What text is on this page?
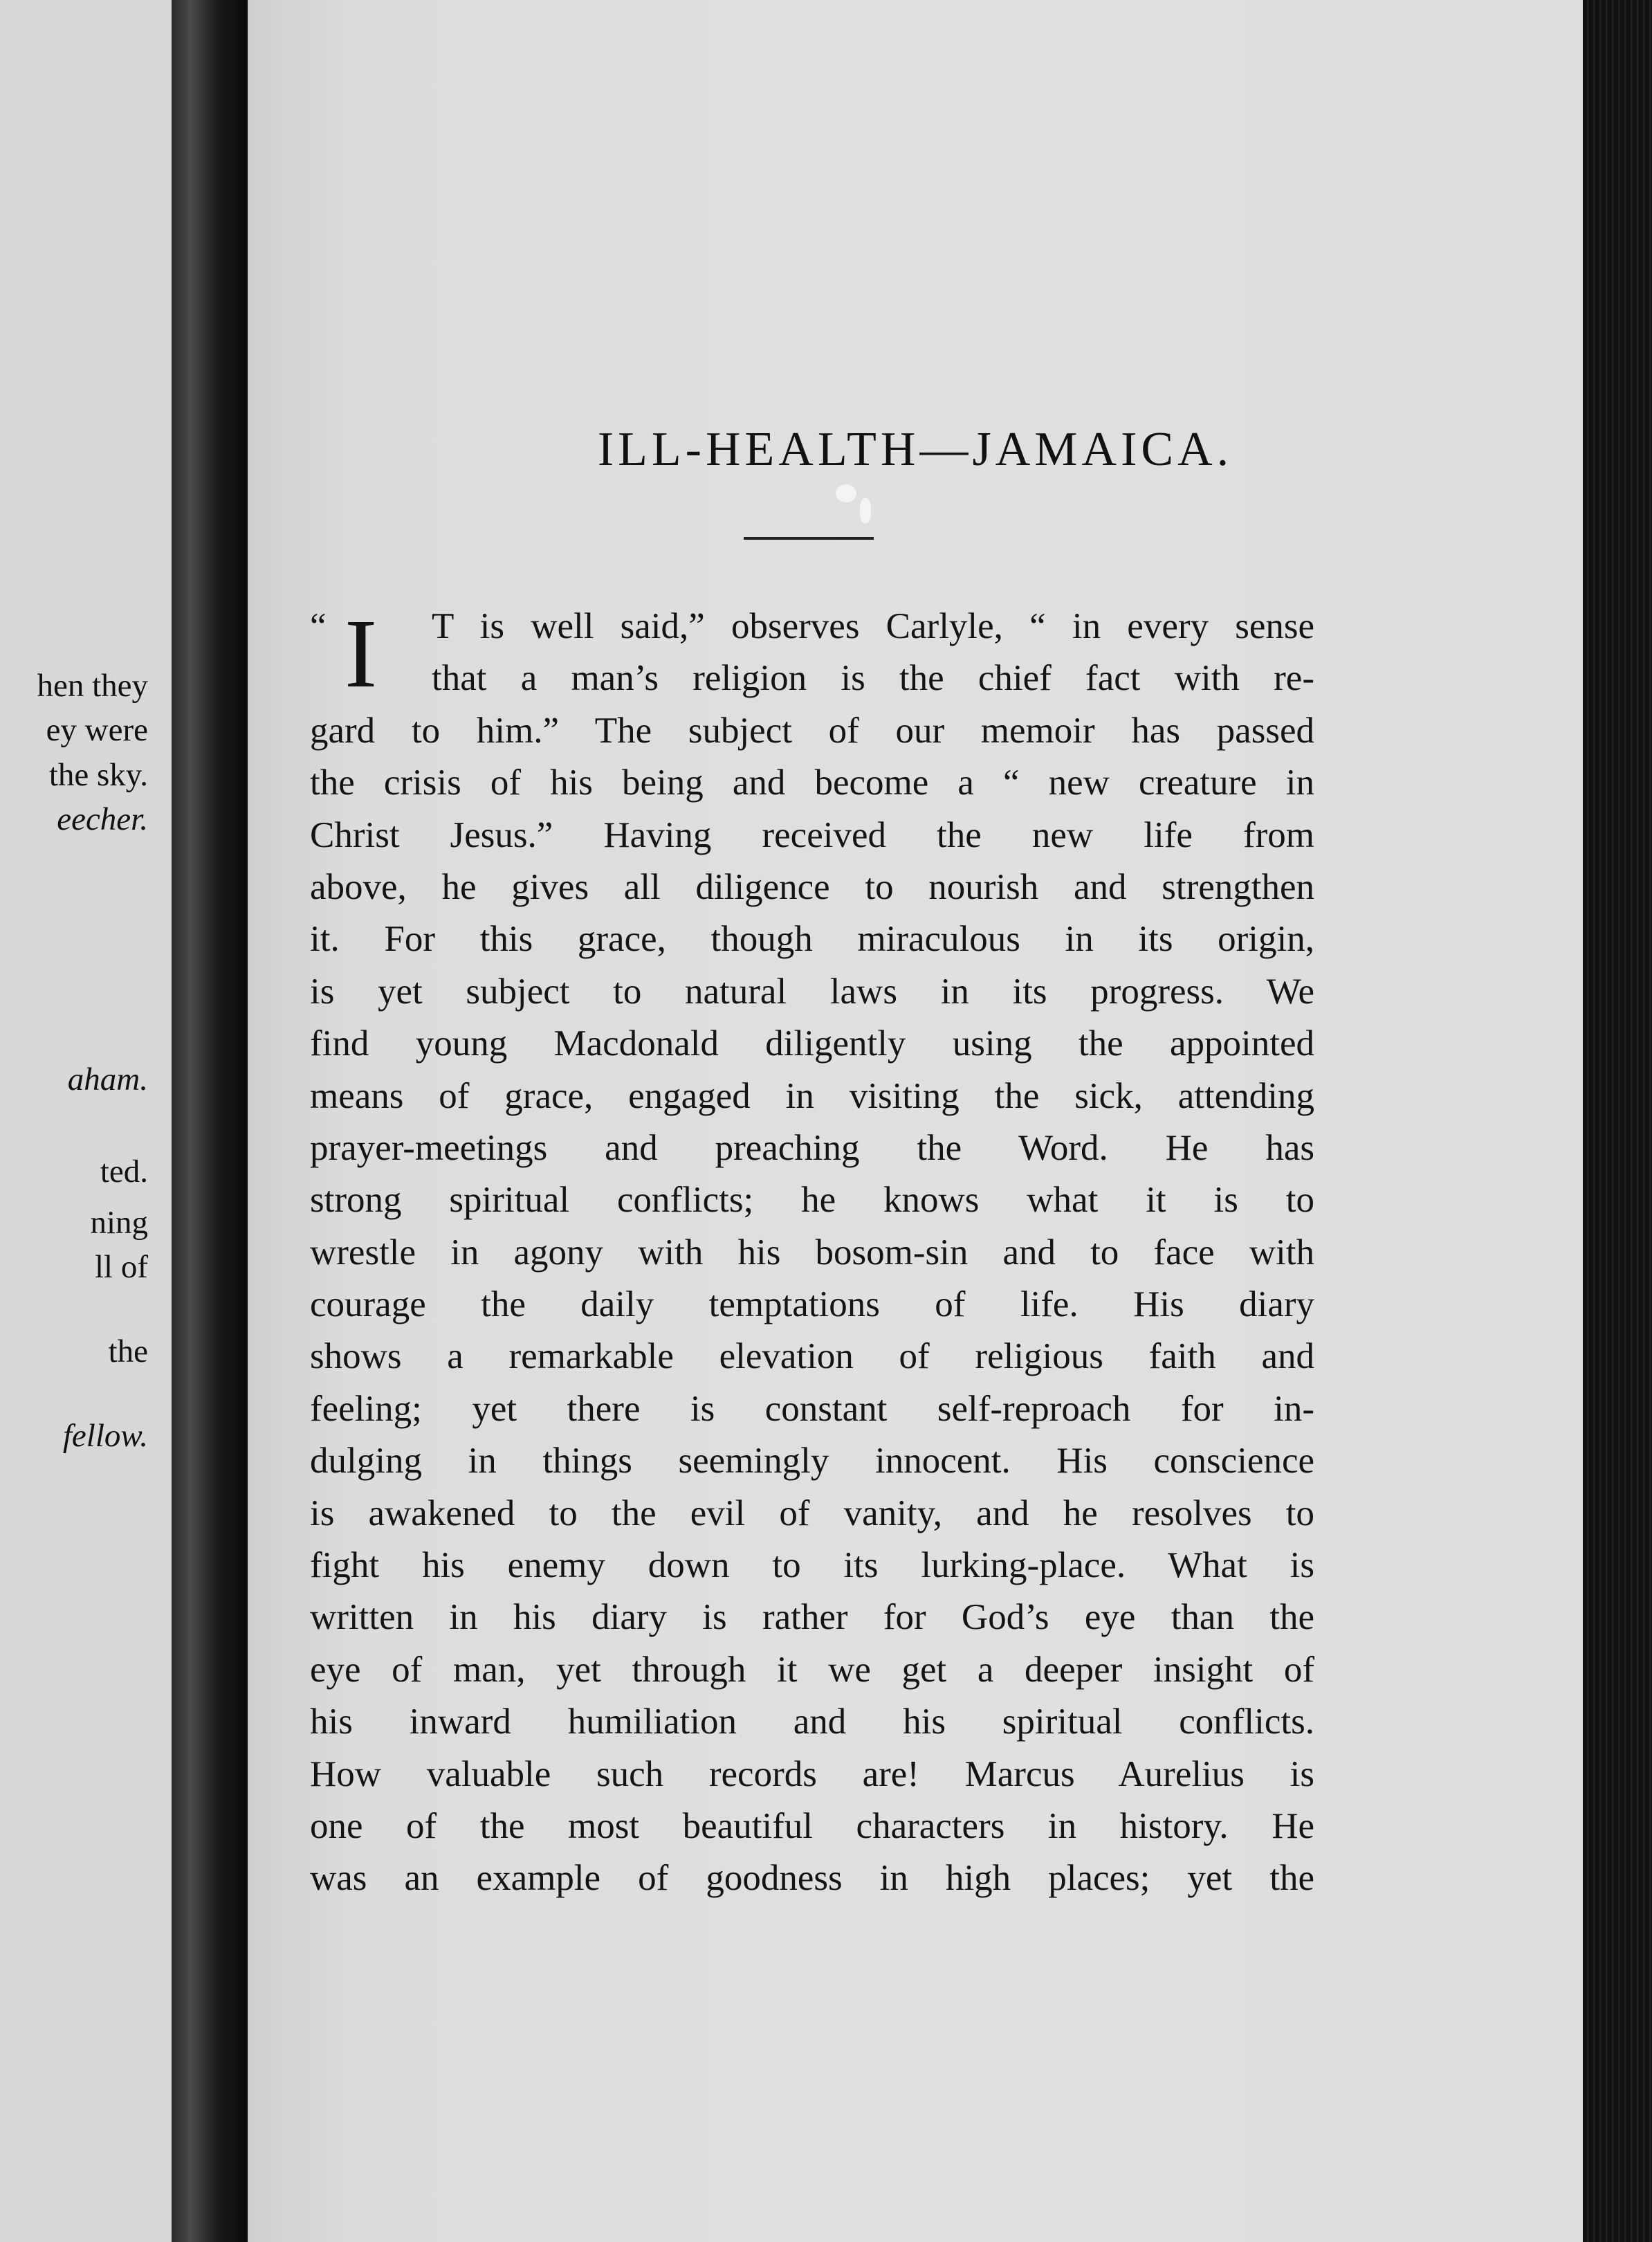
hen they
ey were
the sky.
eecher.
aham.
ted.
ning
ll of
the
fellow.
ILL-HEALTH—JAMAICA.
“ I T is well said,” observes Carlyle, “ in every sense
that a man’s religion is the chief fact with re-
gard to him.” The subject of our memoir has passed
the crisis of his being and become a “ new creature in
Christ Jesus.” Having received the new life from
above, he gives all diligence to nourish and strengthen
it. For this grace, though miraculous in its origin,
is yet subject to natural laws in its progress. We
find young Macdonald diligently using the appointed
means of grace, engaged in visiting the sick, attending
prayer-meetings and preaching the Word. He has
strong spiritual conflicts; he knows what it is to
wrestle in agony with his bosom-sin and to face with
courage the daily temptations of life. His diary
shows a remarkable elevation of religious faith and
feeling; yet there is constant self-reproach for in-
dulging in things seemingly innocent. His conscience
is awakened to the evil of vanity, and he resolves to
fight his enemy down to its lurking-place. What is
written in his diary is rather for God’s eye than the
eye of man, yet through it we get a deeper insight of
his inward humiliation and his spiritual conflicts.
How valuable such records are! Marcus Aurelius is
one of the most beautiful characters in history. He
was an example of goodness in high places; yet the
